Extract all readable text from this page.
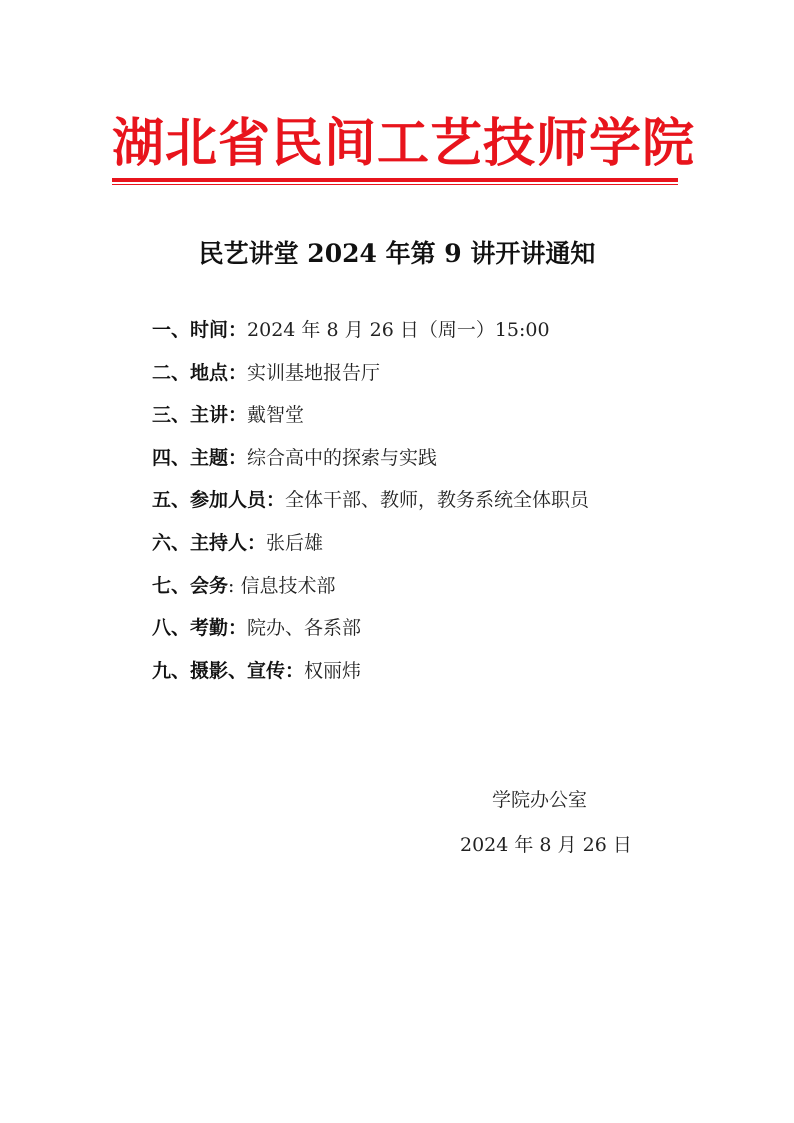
湖北省民间工艺技师学院
民艺讲堂 2024 年第 9 讲开讲通知
一、时间：2024 年 8 月 26 日（周一）15:00
二、地点：实训基地报告厅
三、主讲：戴智堂
四、主题：综合高中的探索与实践
五、参加人员：全体干部、教师，教务系统全体职员
六、主持人：张后雄
七、会务: 信息技术部
八、考勤：院办、各系部
九、摄影、宣传：权丽炜
学院办公室
2024 年 8 月 26 日
